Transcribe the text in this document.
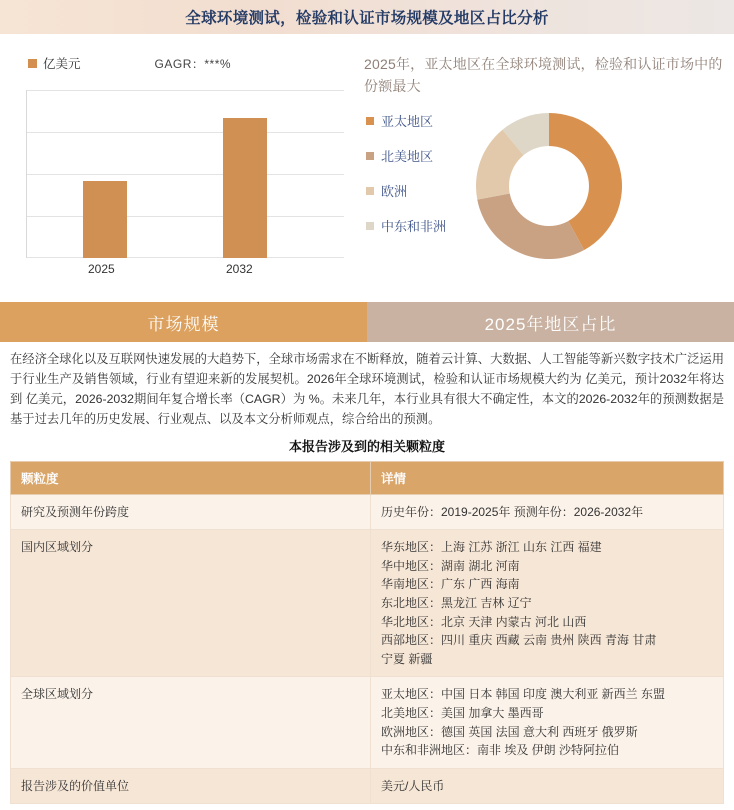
全球环境测试，检验和认证市场规模及地区占比分析
亿美元	GAGR：***%
2025	2032
2025年，亚太地区在全球环境测试，检验和认证市场中的份额最大
亚太地区
北美地区
欧洲
中东和非洲
市场规模	2025年地区占比
在经济全球化以及互联网快速发展的大趋势下，全球市场需求在不断释放，随着云计算、大数据、人工智能等新兴数字技术广泛运用于行业生产及销售领域，行业有望迎来新的发展契机。2026年全球环境测试，检验和认证市场规模大约为 亿美元，预计2032年将达到 亿美元，2026-2032期间年复合增长率（CAGR）为 %。未来几年，本行业具有很大不确定性，本文的2026-2032年的预测数据是基于过去几年的历史发展、行业观点、以及本文分析师观点，综合给出的预测。
本报告涉及到的相关颗粒度
颗粒度	详情
研究及预测年份跨度	历史年份：2019-2025年 预测年份：2026-2032年

国内区域划分	华东地区：上海 江苏 浙江 山东 江西 福建
华中地区：湖南 湖北 河南
华南地区：广东 广西 海南
东北地区：黑龙江 吉林 辽宁
华北地区：北京 天津 内蒙古 河北 山西
西部地区：四川 重庆 西藏 云南 贵州 陕西 青海 甘肃
宁夏 新疆

全球区域划分	亚太地区：中国 日本 韩国 印度 澳大利亚 新西兰 东盟
北美地区：美国 加拿大 墨西哥
欧洲地区：德国 英国 法国 意大利 西班牙 俄罗斯
中东和非洲地区：南非 埃及 伊朗 沙特阿拉伯

报告涉及的价值单位	美元/人民币
